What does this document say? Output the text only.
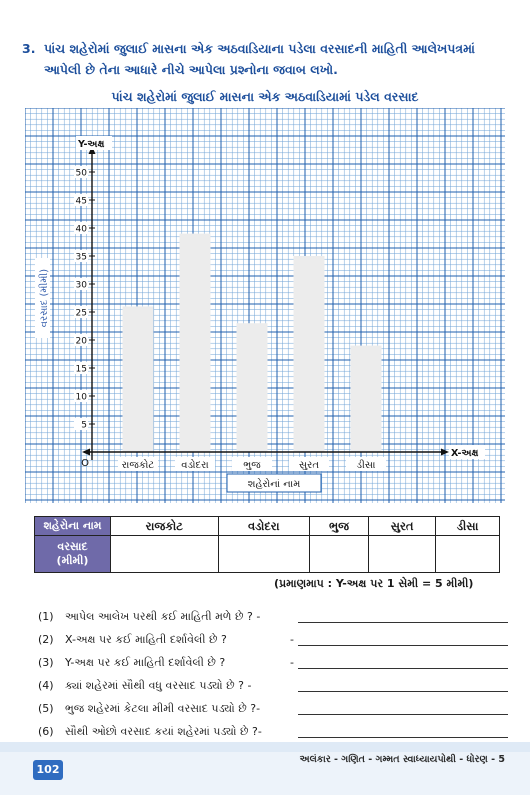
3. પાંચ શહેરોમાં જુલાઈ માસના એક અઠવાડિયાના પડેલા વરસાદની માહિતી આલેખપત્રમાં આપેલી છે તેના આધારે નીચે આપેલા પ્રશ્નોના જવાબ લખો.
પાંચ શહેરોમાં જુલાઈ માસના એક અઠવાડિયામાં પડેલ વરસાદ
રાજકોટ	વડોદરા	ભુજ	સુરત	ડીસા
5
10
15
20
25
30
35
40
45
50
O
Y-અક્ષ
X-અક્ષ
વરસાદ (મીમી)
શહેરોનાં નામ
શહેરોના નામ	રાજકોટ	વડોદરા	ભુજ	સુરત	ડીસા

વરસાદ
(મીમી)					

(પ્રમાણમાપ : Y-અક્ષ પર 1 સેમી = 5 મીમી)
(1) આપેલ આલેખ પરથી કઈ માહિતી મળે છે ? -
(2) X-અક્ષ પર કઈ માહિતી દર્શાવેલી છે ?	-
(3) Y-અક્ષ પર કઈ માહિતી દર્શાવેલી છે ?	-
(4) ક્યાં શહેરમાં સૌથી વધુ વરસાદ પડ્યો છે ? -
(5) ભુજ શહેરમાં કેટલા મીમી વરસાદ પડ્યો છે ?-
(6) સૌથી ઓછો વરસાદ કયાં શહેરમાં પડ્યો છે ?-
102
અલંકાર - ગણિત - ગમ્મત સ્વાધ્યાયપોથી - ધોરણ - 5
